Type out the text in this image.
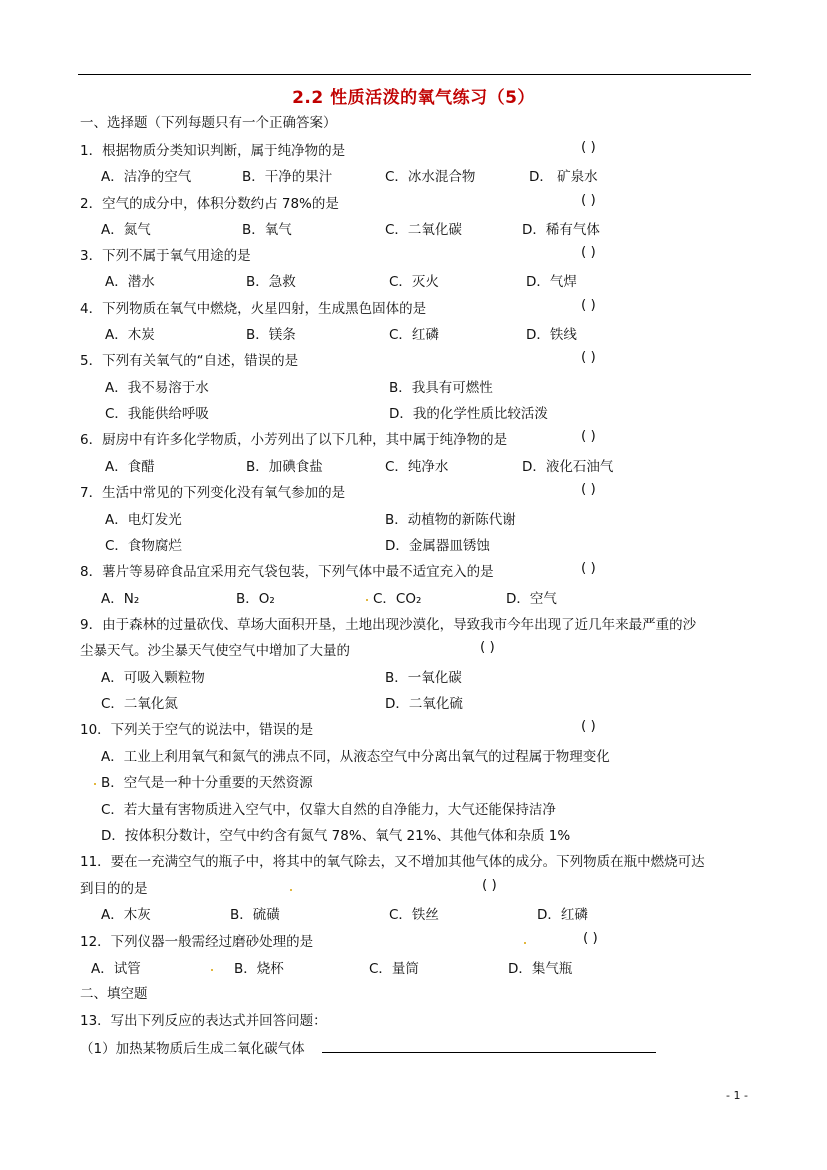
2.2 性质活泼的氧气练习（5）
一、选择题（下列每题只有一个正确答案）
1．根据物质分类知识判断，属于纯净物的是	( )
A．洁净的空气	B．干净的果汁	C．冰水混合物	D． 矿泉水
2．空气的成分中，体积分数约占 78%的是	( )
A．氮气	B．氧气	C．二氧化碳	D．稀有气体
3．下列不属于氧气用途的是	( )
A．潜水	B．急救	C．灭火	D．气焊
4．下列物质在氧气中燃烧，火星四射，生成黑色固体的是	( )
A．木炭	B．镁条	C．红磷	D．铁线
5．下列有关氧气的“自述，错误的是	( )
A．我不易溶于水	B．我具有可燃性
C．我能供给呼吸	D．我的化学性质比较活泼
6．厨房中有许多化学物质，小芳列出了以下几种，其中属于纯净物的是	( )
A．食醋	B．加碘食盐	C．纯净水	D．液化石油气
7．生活中常见的下列变化没有氧气参加的是	( )
A．电灯发光	B．动植物的新陈代谢
C．食物腐烂	D．金属器皿锈蚀
8．薯片等易碎食品宜采用充气袋包装，下列气体中最不适宜充入的是	( )
A．N₂	B．O₂	C．CO₂	D．空气
9．由于森林的过量砍伐、草场大面积开垦，土地出现沙漠化，导致我市今年出现了近几年来最严重的沙
尘暴天气。沙尘暴天气使空气中增加了大量的	( )
A．可吸入颗粒物	B．一氧化碳
C．二氧化氮	D．二氧化硫
10．下列关于空气的说法中，错误的是	( )
A．工业上利用氧气和氮气的沸点不同，从液态空气中分离出氧气的过程属于物理变化
B．空气是一种十分重要的天然资源
C．若大量有害物质进入空气中，仅靠大自然的自净能力，大气还能保持洁净
D．按体积分数计，空气中约含有氮气 78%、氧气 21%、其他气体和杂质 1%
11．要在一充满空气的瓶子中，将其中的氧气除去，又不增加其他气体的成分。下列物质在瓶中燃烧可达
到目的的是	( )
A．木灰	B．硫磺	C．铁丝	D．红磷
12．下列仪器一般需经过磨砂处理的是	( )
A．试管	B．烧杯	C．量筒	D．集气瓶
二、填空题
13．写出下列反应的表达式并回答问题：
（1）加热某物质后生成二氧化碳气体
- 1 -
